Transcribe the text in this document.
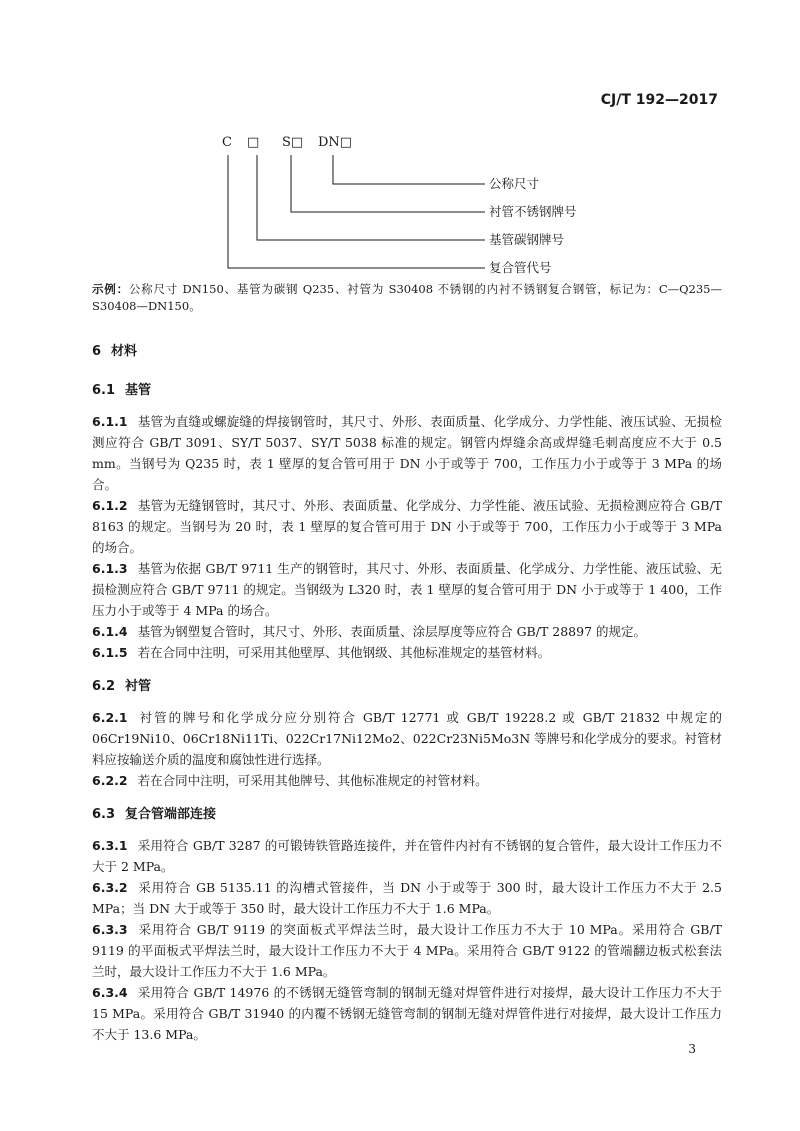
CJ/T 192—2017
C □ S□ DN□
公称尺寸
衬管不锈钢牌号
基管碳钢牌号
复合管代号
示例：公称尺寸 DN150、基管为碳钢 Q235、衬管为 S30408 不锈钢的内衬不锈钢复合钢管，标记为：C—Q235—S30408—DN150。
6 材料
6.1 基管

6.1.1 基管为直缝或螺旋缝的焊接钢管时，其尺寸、外形、表面质量、化学成分、力学性能、液压试验、无损检测应符合 GB/T 3091、SY/T 5037、SY/T 5038 标准的规定。钢管内焊缝余高或焊缝毛刺高度应不大于 0.5 mm。当钢号为 Q235 时，表 1 壁厚的复合管可用于 DN 小于或等于 700，工作压力小于或等于 3 MPa 的场合。

6.1.2 基管为无缝钢管时，其尺寸、外形、表面质量、化学成分、力学性能、液压试验、无损检测应符合 GB/T 8163 的规定。当钢号为 20 时，表 1 壁厚的复合管可用于 DN 小于或等于 700，工作压力小于或等于 3 MPa 的场合。

6.1.3 基管为依据 GB/T 9711 生产的钢管时，其尺寸、外形、表面质量、化学成分、力学性能、液压试验、无损检测应符合 GB/T 9711 的规定。当钢级为 L320 时，表 1 壁厚的复合管可用于 DN 小于或等于 1 400，工作压力小于或等于 4 MPa 的场合。

6.1.4 基管为钢塑复合管时，其尺寸、外形、表面质量、涂层厚度等应符合 GB/T 28897 的规定。

6.1.5 若在合同中注明，可采用其他壁厚、其他钢级、其他标准规定的基管材料。

6.2 衬管

6.2.1 衬管的牌号和化学成分应分别符合 GB/T 12771 或 GB/T 19228.2 或 GB/T 21832 中规定的 06Cr19Ni10、06Cr18Ni11Ti、022Cr17Ni12Mo2、022Cr23Ni5Mo3N 等牌号和化学成分的要求。衬管材料应按输送介质的温度和腐蚀性进行选择。

6.2.2 若在合同中注明，可采用其他牌号、其他标准规定的衬管材料。

6.3 复合管端部连接

6.3.1 采用符合 GB/T 3287 的可锻铸铁管路连接件，并在管件内衬有不锈钢的复合管件，最大设计工作压力不大于 2 MPa。

6.3.2 采用符合 GB 5135.11 的沟槽式管接件，当 DN 小于或等于 300 时，最大设计工作压力不大于 2.5 MPa；当 DN 大于或等于 350 时，最大设计工作压力不大于 1.6 MPa。

6.3.3 采用符合 GB/T 9119 的突面板式平焊法兰时，最大设计工作压力不大于 10 MPa。采用符合 GB/T 9119 的平面板式平焊法兰时，最大设计工作压力不大于 4 MPa。采用符合 GB/T 9122 的管端翻边板式松套法兰时，最大设计工作压力不大于 1.6 MPa。

6.3.4 采用符合 GB/T 14976 的不锈钢无缝管弯制的钢制无缝对焊管件进行对接焊，最大设计工作压力不大于 15 MPa。采用符合 GB/T 31940 的内覆不锈钢无缝管弯制的钢制无缝对焊管件进行对接焊，最大设计工作压力不大于 13.6 MPa。

3
